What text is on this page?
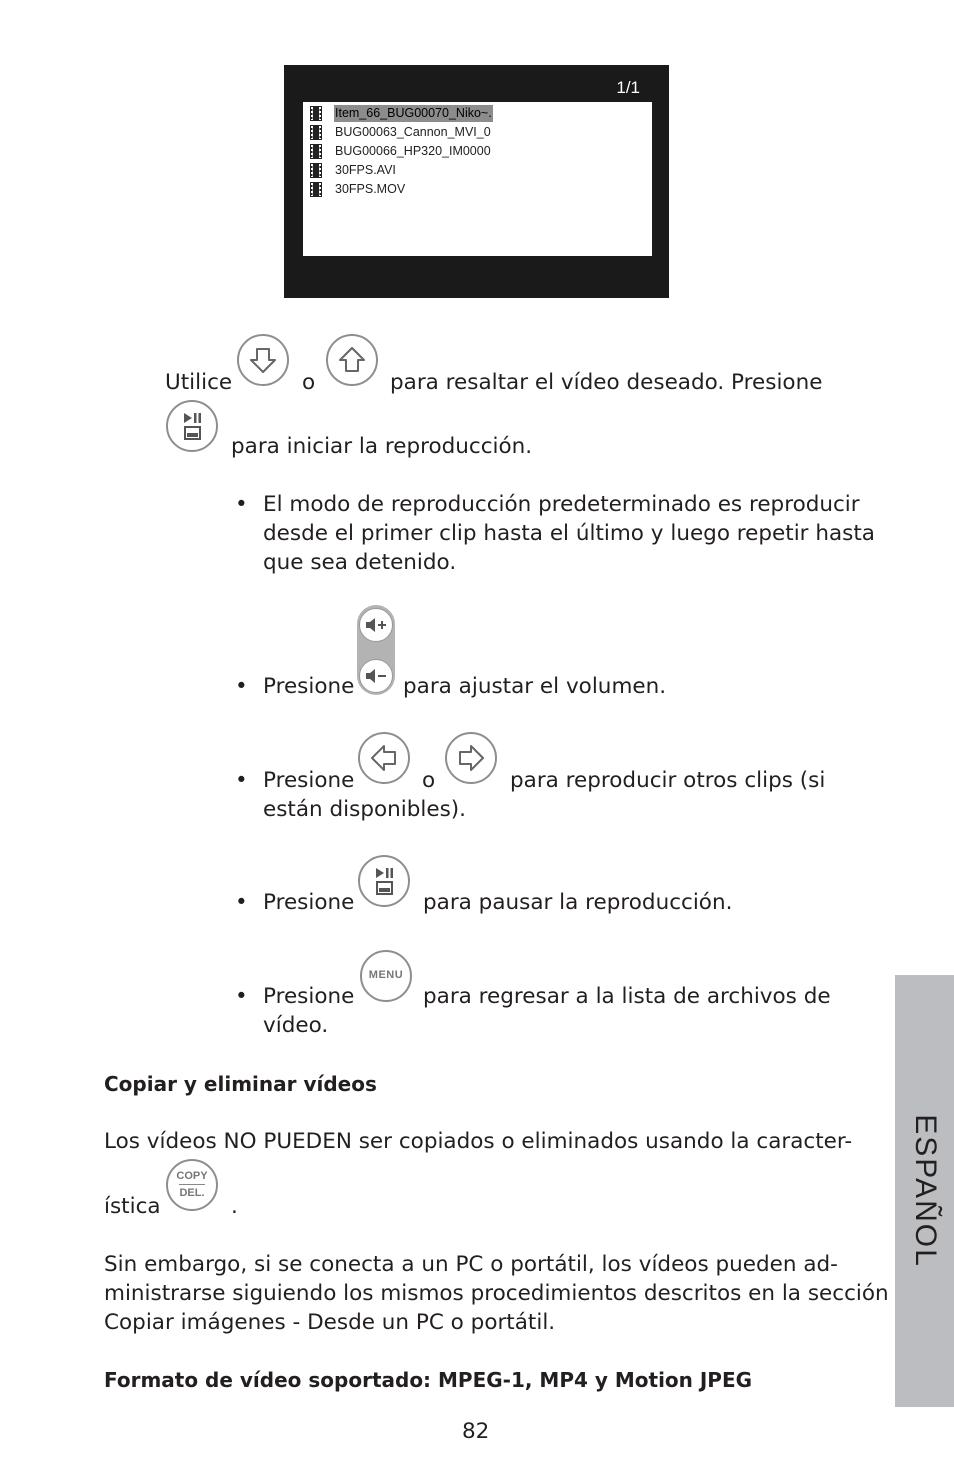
1/1
Item_66_BUG00070_Niko~.
BUG00063_Cannon_MVI_0
BUG00066_HP320_IM0000
30FPS.AVI
30FPS.MOV
Utilice	o	para resaltar el vídeo deseado. Presione
para iniciar la reproducción.
• El modo de reproducción predeterminado es reproducir
desde el primer clip hasta el último y luego repetir hasta
que sea detenido.
• Presione para ajustar el volumen.
• Presione	o	para reproducir otros clips (si
están disponibles).
• Presione	para pausar la reproducción.
• Presione
MENU
para regresar a la lista de archivos de
vídeo.
Copiar y eliminar vídeos
Los vídeos NO PUEDEN ser copiados o eliminados usando la caracter-
ística
COPY
DEL.
.
Sin embargo, si se conecta a un PC o portátil, los vídeos pueden ad-
ministrarse siguiendo los mismos procedimientos descritos en la sección
Copiar imágenes - Desde un PC o portátil.
Formato de vídeo soportado: MPEG-1, MP4 y Motion JPEG
82
ESPAÑOL
